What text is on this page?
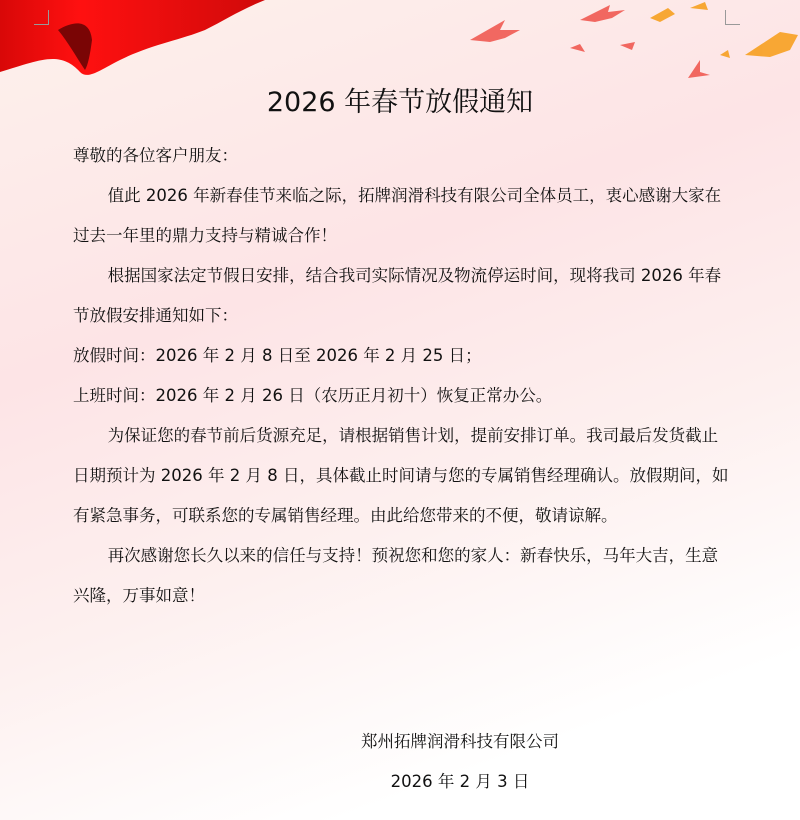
2026 年春节放假通知

尊敬的各位客户朋友：

值此 2026 年新春佳节来临之际，拓牌润滑科技有限公司全体员工，衷心感谢大家在过去一年里的鼎力支持与精诚合作！

根据国家法定节假日安排，结合我司实际情况及物流停运时间，现将我司 2026 年春节放假安排通知如下：

放假时间：2026 年 2 月 8 日至 2026 年 2 月 25 日；

上班时间：2026 年 2 月 26 日（农历正月初十）恢复正常办公。

为保证您的春节前后货源充足，请根据销售计划，提前安排订单。我司最后发货截止日期预计为 2026 年 2 月 8 日，具体截止时间请与您的专属销售经理确认。放假期间，如有紧急事务，可联系您的专属销售经理。由此给您带来的不便，敬请谅解。

再次感谢您长久以来的信任与支持！预祝您和您的家人：新春快乐，马年大吉，生意兴隆，万事如意！

郑州拓牌润滑科技有限公司
2026 年 2 月 3 日
